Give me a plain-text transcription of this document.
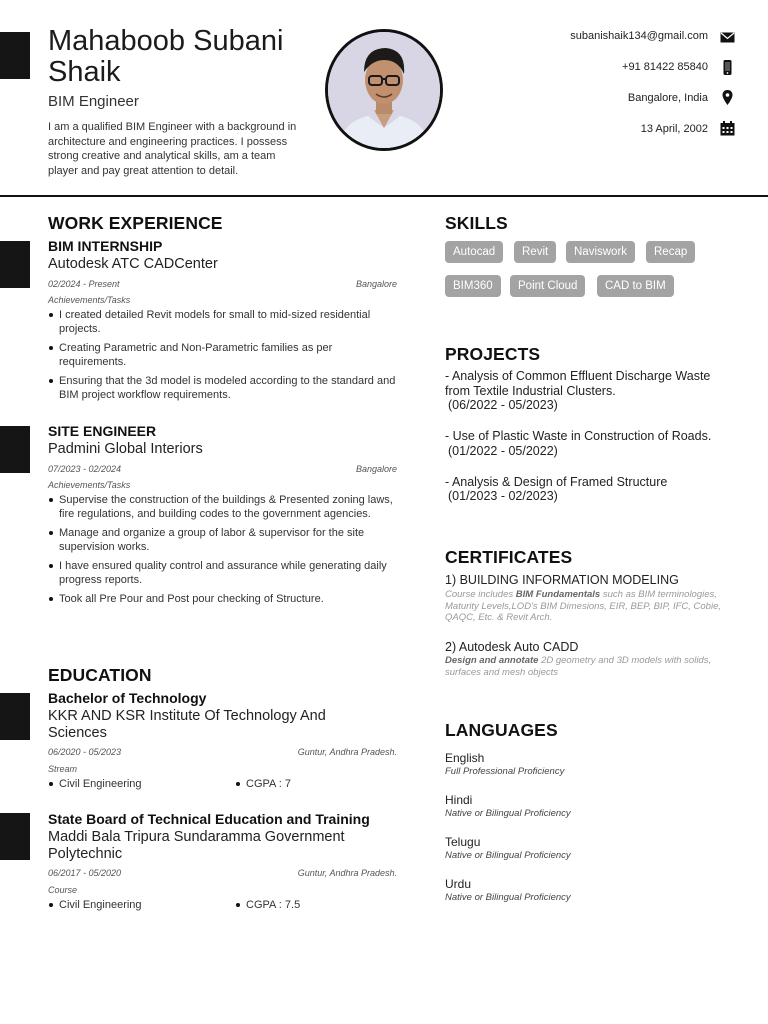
Mahaboob Subani Shaik
BIM Engineer
I am a qualified BIM Engineer with a background in architecture and engineering practices. I possess strong creative and analytical skills, am a team player and pay great attention to detail.
subanishaik134@gmail.com
+91 81422 85840
Bangalore, India
13 April, 2002
WORK EXPERIENCE
BIM INTERNSHIP
Autodesk ATC CADCenter
02/2024 - Present	Bangalore
Achievements/Tasks
I created detailed Revit models for small to mid-sized residential projects.
Creating Parametric and Non-Parametric families as per requirements.
Ensuring that the 3d model is modeled according to the standard and BIM project workflow requirements.
SITE ENGINEER
Padmini Global Interiors
07/2023 - 02/2024	Bangalore
Achievements/Tasks
Supervise the construction of the buildings & Presented zoning laws, fire regulations, and building codes to the government agencies.
Manage and organize a group of labor & supervisor for the site supervision works.
I have ensured quality control and assurance while generating daily progress reports.
Took all Pre Pour and Post pour checking of Structure.
EDUCATION
Bachelor of Technology
KKR AND KSR Institute Of Technology And Sciences
06/2020 - 05/2023	Guntur, Andhra Pradesh.
Stream
Civil Engineering	CGPA : 7
State Board of Technical Education and Training
Maddi Bala Tripura Sundaramma Government Polytechnic
06/2017 - 05/2020	Guntur, Andhra Pradesh.
Course
Civil Engineering	CGPA : 7.5
SKILLS
Autocad	Revit	Naviswork	Recap
BIM360	Point Cloud	CAD to BIM
PROJECTS
- Analysis of Common Effluent Discharge Waste from Textile Industrial Clusters.
(06/2022 - 05/2023)
- Use of Plastic Waste in Construction of Roads.
(01/2022 - 05/2022)
- Analysis & Design of Framed Structure
(01/2023 - 02/2023)
CERTIFICATES
1) BUILDING INFORMATION MODELING
Course includes BIM Fundamentals such as BIM terminologies, Maturity Levels,LOD's BIM Dimesions, EIR, BEP, BIP, IFC, Cobie, QAQC, Etc. & Revit Arch.
2) Autodesk Auto CADD
Design and annotate 2D geometry and 3D models with solids, surfaces and mesh objects
LANGUAGES
English
Full Professional Proficiency
Hindi
Native or Bilingual Proficiency
Telugu
Native or Bilingual Proficiency
Urdu
Native or Bilingual Proficiency
